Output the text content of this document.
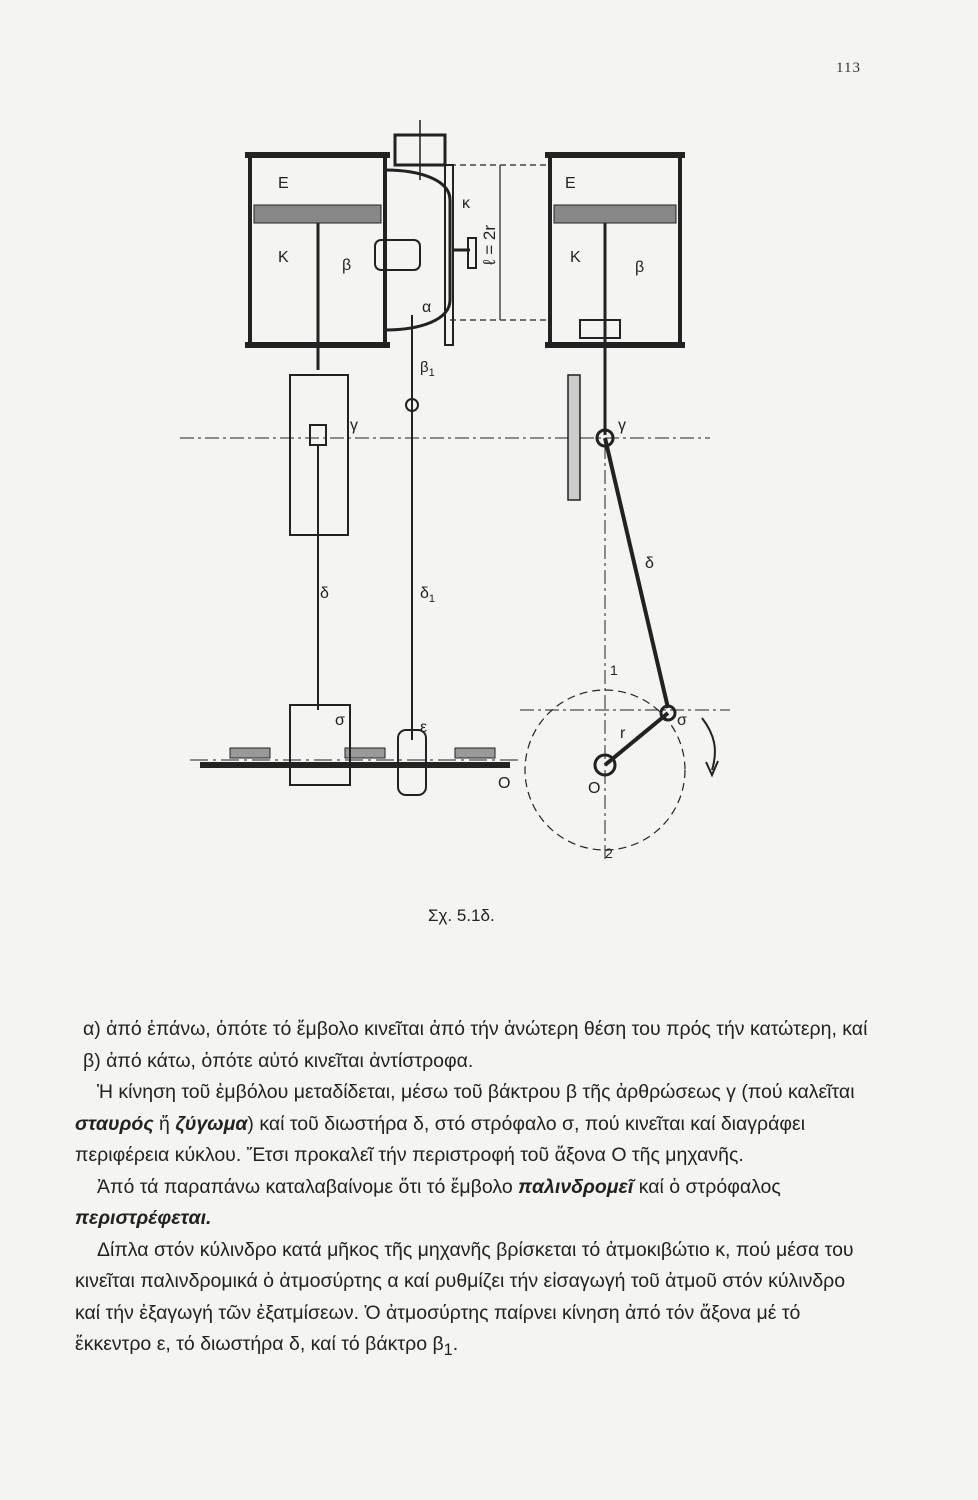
113
Ε
Κ	β
α
κ
ℓ = 2r
$\beta_1$
γ
δ	$\delta_1$
σ	ε
Ο
Ε
Κ
β
γ
δ
1
σ
r
Ο
2
Σχ. 5.1δ.

α) ἀπό ἐπάνω, ὁπότε τό ἔμβολο κινεῖται ἀπό τήν ἀνώτερη θέση του πρός τήν κατώτερη, καί

β) ἀπό κάτω, ὁπότε αὐτό κινεῖται ἀντίστροφα.

Ἡ κίνηση τοῦ ἐμβόλου μεταδίδεται, μέσω τοῦ βάκτρου β τῆς ἀρθρώσεως γ (πού καλεῖται σταυρός ἤ ζύγωμα) καί τοῦ διωστήρα δ, στό στρόφαλο σ, πού κινεῖται καί διαγράφει περιφέρεια κύκλου. Ἔτσι προκαλεῖ τήν περιστροφή τοῦ ἄξονα Ο τῆς μηχανῆς.

Ἀπό τά παραπάνω καταλαβαίνομε ὅτι τό ἔμβολο παλινδρομεῖ καί ὁ στρόφαλος περιστρέφεται.

Δίπλα στόν κύλινδρο κατά μῆκος τῆς μηχανῆς βρίσκεται τό ἀτμοκιβώτιο κ, πού μέσα του κινεῖται παλινδρομικά ὁ ἀτμοσύρτης α καί ρυθμίζει τήν εἰσαγωγή τοῦ ἀτμοῦ στόν κύλινδρο καί τήν ἐξαγωγή τῶν ἐξατμίσεων. Ὁ ἀτμοσύρτης παίρνει κίνηση ἀπό τόν ἄξονα μέ τό ἔκκεντρο ε, τό διωστήρα δ, καί τό βάκτρο $\beta_1$.
